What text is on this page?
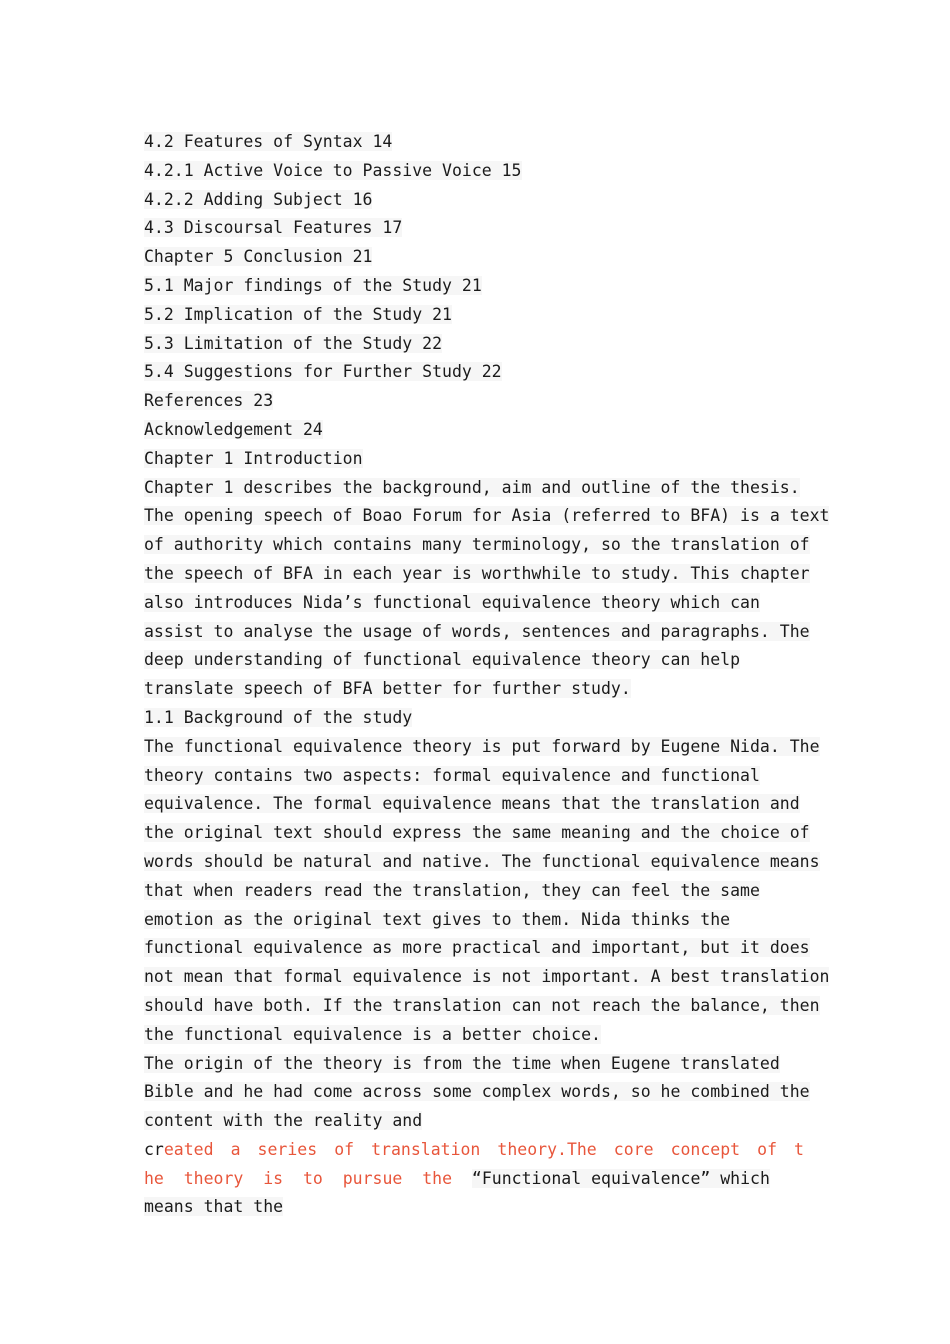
4.2 Features of Syntax 14
4.2.1 Active Voice to Passive Voice 15
4.2.2 Adding Subject 16
4.3 Discoursal Features 17
Chapter 5 Conclusion 21
5.1 Major findings of the Study 21
5.2 Implication of the Study 21
5.3 Limitation of the Study 22
5.4 Suggestions for Further Study 22
References 23
Acknowledgement 24
Chapter 1 Introduction
Chapter 1 describes the background, aim and outline of the thesis.
The opening speech of Boao Forum for Asia (referred to BFA) is a text
of authority which contains many terminology, so the translation of
the speech of BFA in each year is worthwhile to study. This chapter
also introduces Nida’s functional equivalence theory which can
assist to analyse the usage of words, sentences and paragraphs. The
deep understanding of functional equivalence theory can help
translate speech of BFA better for further study.
1.1 Background of the study
The functional equivalence theory is put forward by Eugene Nida. The
theory contains two aspects: formal equivalence and functional
equivalence. The formal equivalence means that the translation and
the original text should express the same meaning and the choice of
words should be natural and native. The functional equivalence means
that when readers read the translation, they can feel the same
emotion as the original text gives to them. Nida thinks the
functional equivalence as more practical and important, but it does
not mean that formal equivalence is not important. A best translation
should have both. If the translation can not reach the balance, then
the functional equivalence is a better choice.
The origin of the theory is from the time when Eugene translated
Bible and he had come across some complex words, so he combined the
content with the reality and
created a series of translation theory.The core concept of t
he theory is to pursue the “Functional equivalence” which
means that the
